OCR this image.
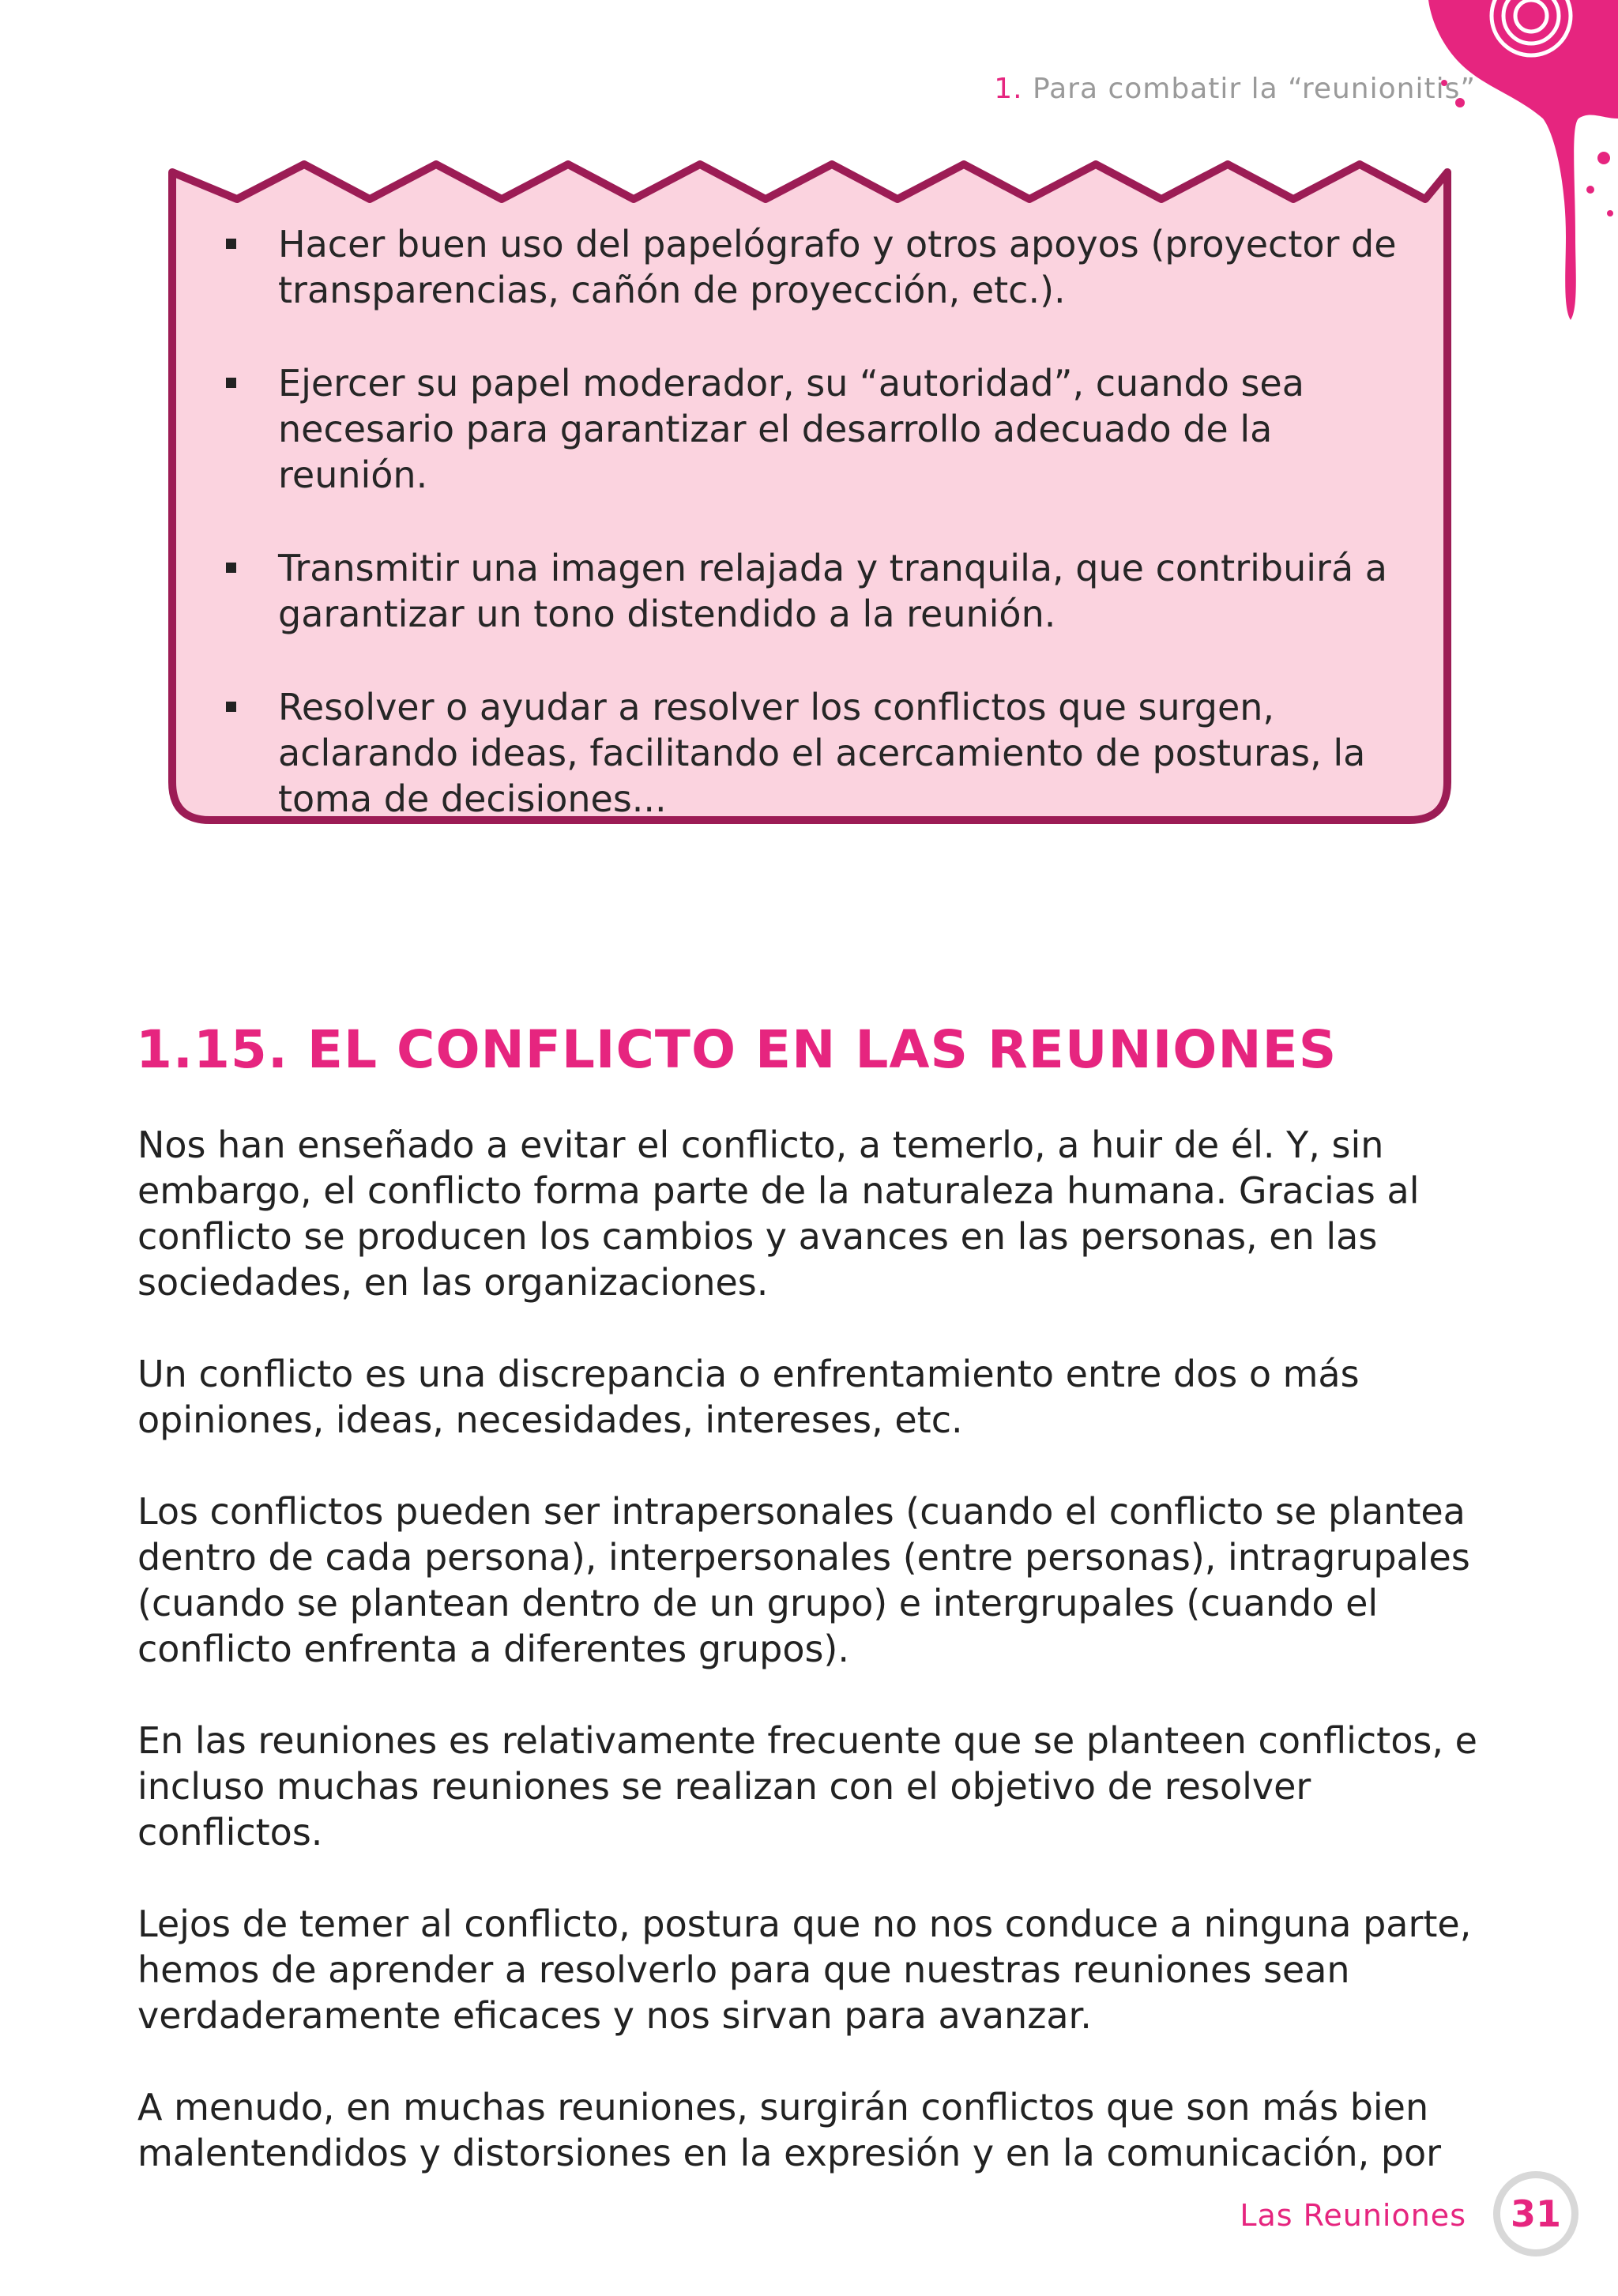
1. Para combatir la “reunionitis”
Hacer buen uso del papelógrafo y otros apoyos (proyector de transparencias, cañón de proyección, etc.).
Ejercer su papel moderador, su “autoridad”, cuando sea necesario para garantizar el desarrollo adecuado de la reunión.
Transmitir una imagen relajada y tranquila, que contribuirá a garantizar un tono distendido a la reunión.
Resolver o ayudar a resolver los conflictos que surgen, aclarando ideas, facilitando el acercamiento de posturas, la toma de decisiones...
1.15. EL CONFLICTO EN LAS REUNIONES

Nos han enseñado a evitar el conflicto, a temerlo, a huir de él. Y, sin embargo, el conflicto forma parte de la naturaleza humana. Gracias al conflicto se producen los cambios y avances en las personas, en las sociedades, en las organizaciones.

Un conflicto es una discrepancia o enfrentamiento entre dos o más opiniones, ideas, necesidades, intereses, etc.

Los conflictos pueden ser intrapersonales (cuando el conflicto se plantea dentro de cada persona), interpersonales (entre personas), intragrupales (cuando se plantean dentro de un grupo) e intergrupales (cuando el conflicto enfrenta a diferentes grupos).

En las reuniones es relativamente frecuente que se planteen conflictos, e incluso muchas reuniones se realizan con el objetivo de resolver conflictos.

Lejos de temer al conflicto, postura que no nos conduce a ninguna parte, hemos de aprender a resolverlo para que nuestras reuniones sean verdaderamente eficaces y nos sirvan para avanzar.

A menudo, en muchas reuniones, surgirán conflictos que son más bien malentendidos y distorsiones en la expresión y en la comunicación, por

Las Reuniones 31
